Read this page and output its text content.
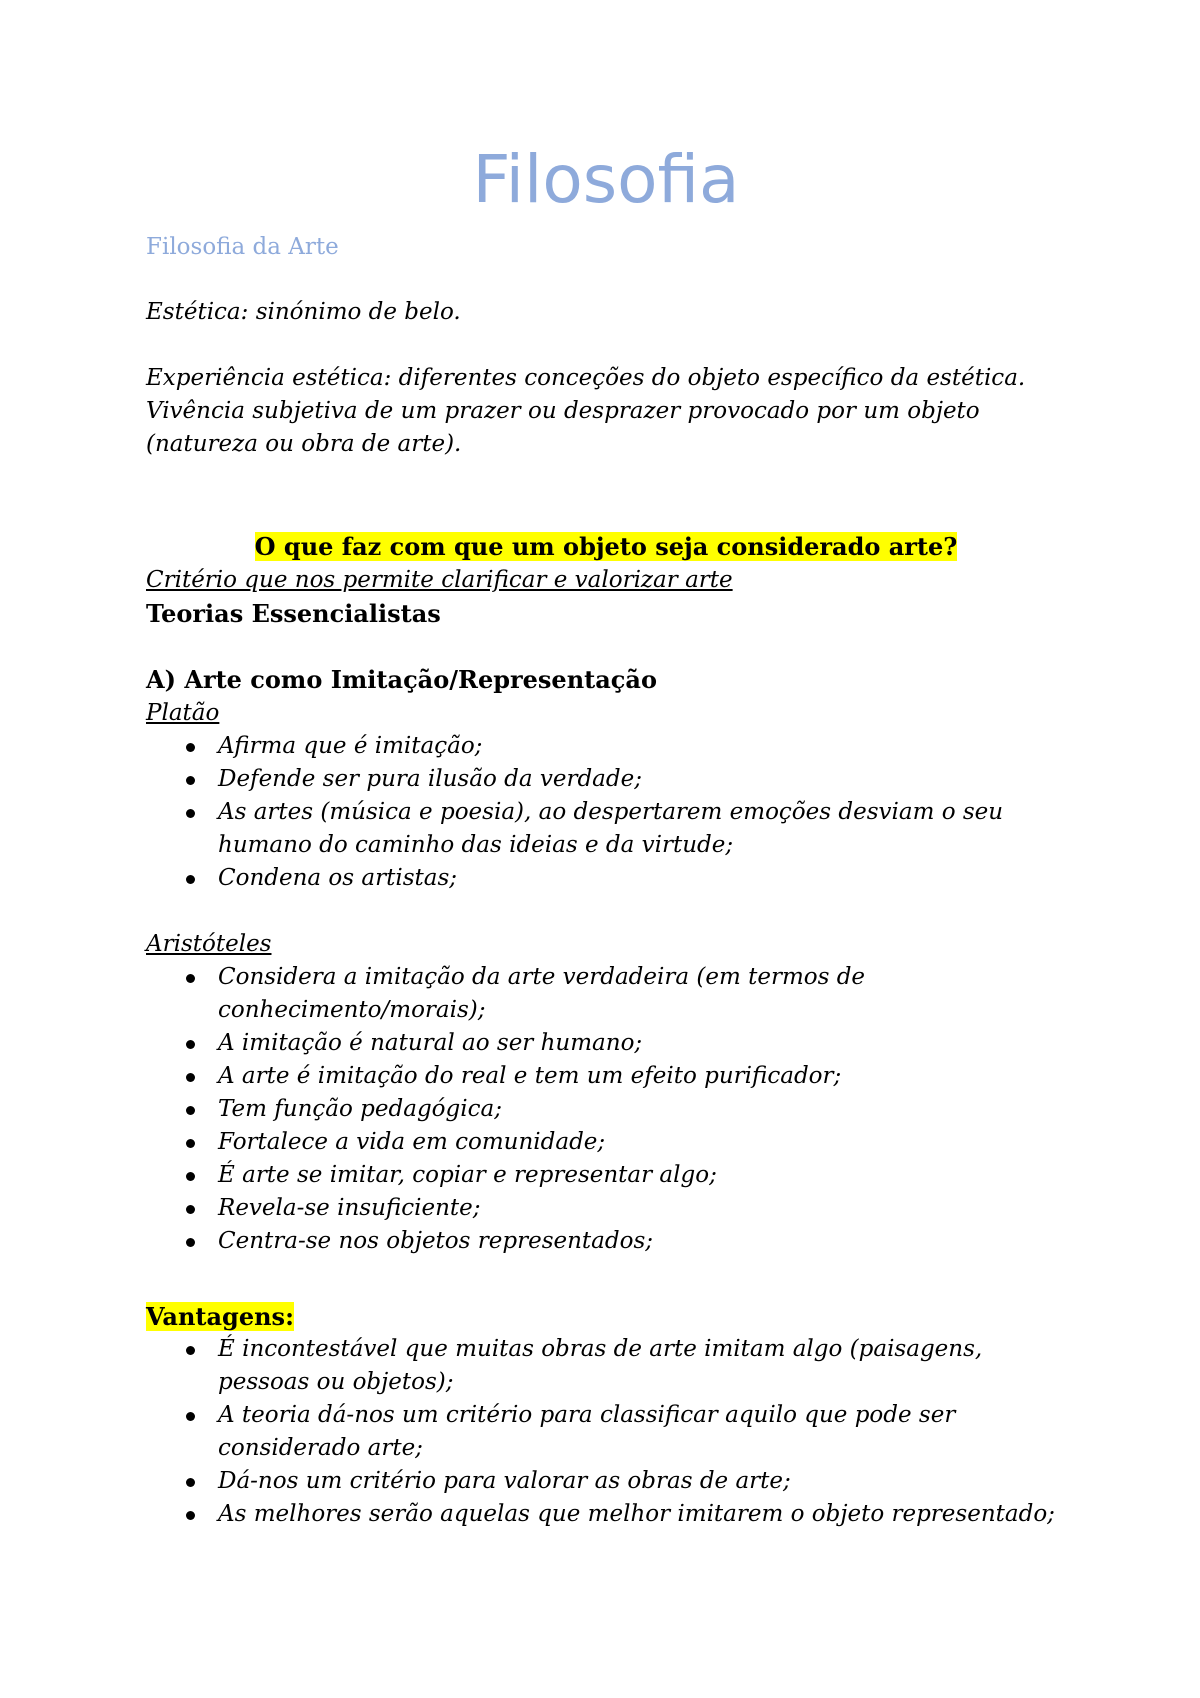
Filosofia
Filosofia da Arte

Estética: sinónimo de belo.

Experiência estética: diferentes conceções do objeto específico da estética.

Vivência subjetiva de um prazer ou desprazer provocado por um objeto

(natureza ou obra de arte).

O que faz com que um objeto seja considerado arte?
Critério que nos permite clarificar e valorizar arte
Teorias Essencialistas
A) Arte como Imitação/Representação
Platão
Afirma que é imitação;
Defende ser pura ilusão da verdade;
As artes (música e poesia), ao despertarem emoções desviam o seu humano do caminho das ideias e da virtude;
Condena os artistas;
Aristóteles
Considera a imitação da arte verdadeira (em termos de conhecimento/morais);
A imitação é natural ao ser humano;
A arte é imitação do real e tem um efeito purificador;
Tem função pedagógica;
Fortalece a vida em comunidade;
É arte se imitar, copiar e representar algo;
Revela-se insuficiente;
Centra-se nos objetos representados;
Vantagens:
É incontestável que muitas obras de arte imitam algo (paisagens, pessoas ou objetos);
A teoria dá-nos um critério para classificar aquilo que pode ser considerado arte;
Dá-nos um critério para valorar as obras de arte;
As melhores serão aquelas que melhor imitarem o objeto representado;
